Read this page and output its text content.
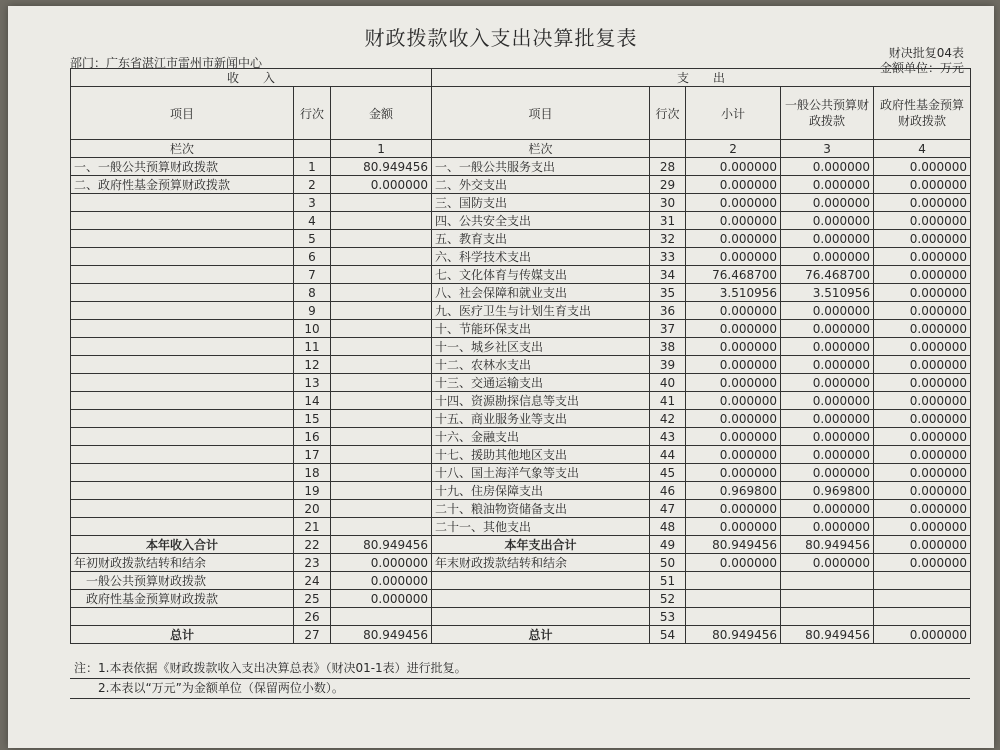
财政拨款收入支出决算批复表
部门：广东省湛江市雷州市新闻中心
财决批复04表
金额单位：万元
收　　入			支　　出				
项目	行次	金额	项目	行次	小计	一般公共预算财政拨款	政府性基金预算财政拨款
栏次		1	栏次		2	3	4
一、一般公共预算财政拨款	1	80.949456	一、一般公共服务支出	28	0.000000	0.000000	0.000000
二、政府性基金预算财政拨款	2	0.000000	二、外交支出	29	0.000000	0.000000	0.000000
	3		三、国防支出	30	0.000000	0.000000	0.000000
	4		四、公共安全支出	31	0.000000	0.000000	0.000000
	5		五、教育支出	32	0.000000	0.000000	0.000000
	6		六、科学技术支出	33	0.000000	0.000000	0.000000
	7		七、文化体育与传媒支出	34	76.468700	76.468700	0.000000
	8		八、社会保障和就业支出	35	3.510956	3.510956	0.000000
	9		九、医疗卫生与计划生育支出	36	0.000000	0.000000	0.000000
	10		十、节能环保支出	37	0.000000	0.000000	0.000000
	11		十一、城乡社区支出	38	0.000000	0.000000	0.000000
	12		十二、农林水支出	39	0.000000	0.000000	0.000000
	13		十三、交通运输支出	40	0.000000	0.000000	0.000000
	14		十四、资源勘探信息等支出	41	0.000000	0.000000	0.000000
	15		十五、商业服务业等支出	42	0.000000	0.000000	0.000000
	16		十六、金融支出	43	0.000000	0.000000	0.000000
	17		十七、援助其他地区支出	44	0.000000	0.000000	0.000000
	18		十八、国土海洋气象等支出	45	0.000000	0.000000	0.000000
	19		十九、住房保障支出	46	0.969800	0.969800	0.000000
	20		二十、粮油物资储备支出	47	0.000000	0.000000	0.000000
	21		二十一、其他支出	48	0.000000	0.000000	0.000000
本年收入合计	22	80.949456	本年支出合计	49	80.949456	80.949456	0.000000
年初财政拨款结转和结余	23	0.000000	年末财政拨款结转和结余	50	0.000000	0.000000	0.000000
　一般公共预算财政拨款	24	0.000000		51			
　政府性基金预算财政拨款	25	0.000000		52			
	26			53			
总计	27	80.949456	总计	54	80.949456	80.949456	0.000000
注：1.本表依据《财政拨款收入支出决算总表》（财决01-1表）进行批复。
　　2.本表以“万元”为金额单位（保留两位小数）。
